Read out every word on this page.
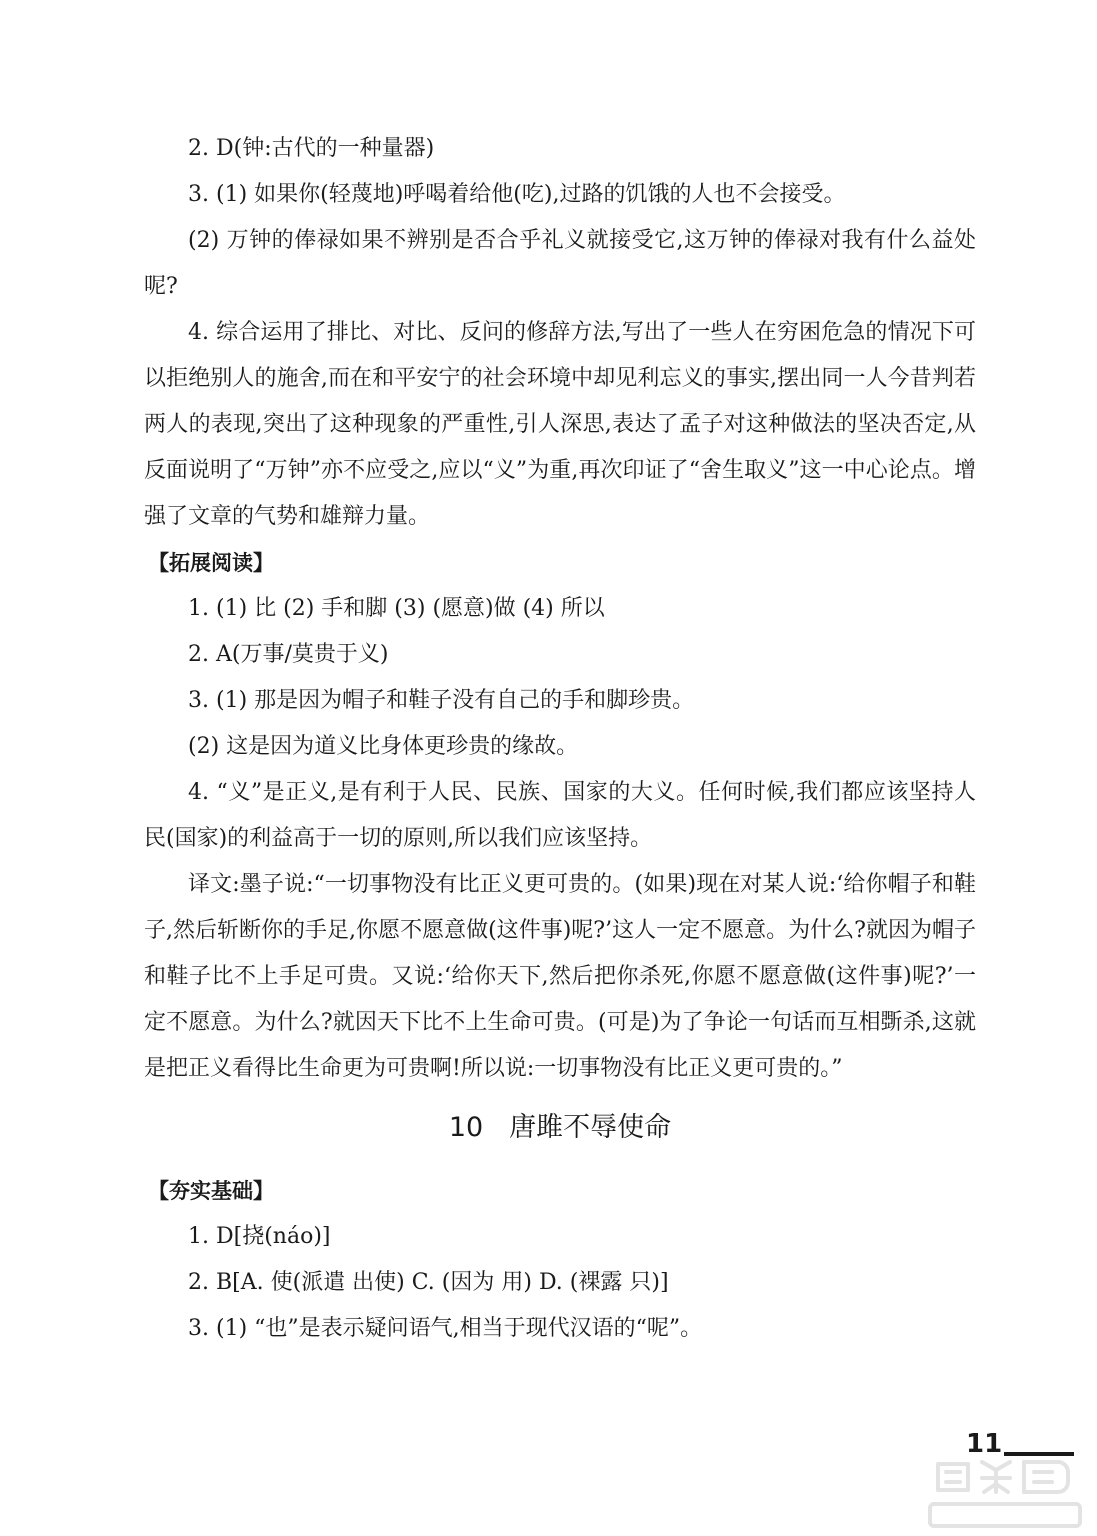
2. D(钟:古代的一种量器)

3. (1) 如果你(轻蔑地)呼喝着给他(吃),过路的饥饿的人也不会接受。

(2) 万钟的俸禄如果不辨别是否合乎礼义就接受它,这万钟的俸禄对我有什么益处呢?

4. 综合运用了排比、对比、反问的修辞方法,写出了一些人在穷困危急的情况下可以拒绝别人的施舍,而在和平安宁的社会环境中却见利忘义的事实,摆出同一人今昔判若两人的表现,突出了这种现象的严重性,引人深思,表达了孟子对这种做法的坚决否定,从反面说明了“万钟”亦不应受之,应以“义”为重,再次印证了“舍生取义”这一中心论点。增强了文章的气势和雄辩力量。

【拓展阅读】

1. (1) 比 (2) 手和脚 (3) (愿意)做 (4) 所以

2. A(万事/莫贵于义)

3. (1) 那是因为帽子和鞋子没有自己的手和脚珍贵。

(2) 这是因为道义比身体更珍贵的缘故。

4. “义”是正义,是有利于人民、民族、国家的大义。任何时候,我们都应该坚持人民(国家)的利益高于一切的原则,所以我们应该坚持。

译文:墨子说:“一切事物没有比正义更可贵的。(如果)现在对某人说:‘给你帽子和鞋子,然后斩断你的手足,你愿不愿意做(这件事)呢?’这人一定不愿意。为什么?就因为帽子和鞋子比不上手足可贵。又说:‘给你天下,然后把你杀死,你愿不愿意做(这件事)呢?’一定不愿意。为什么?就因天下比不上生命可贵。(可是)为了争论一句话而互相斲杀,这就是把正义看得比生命更为可贵啊!所以说:一切事物没有比正义更可贵的。”

10 唐雎不辱使命

【夯实基础】

1. D[挠(náo)]

2. B[A. 使(派遣 出使) C. (因为 用) D. (裸露 只)]

3. (1) “也”是表示疑问语气,相当于现代汉语的“呢”。

11
